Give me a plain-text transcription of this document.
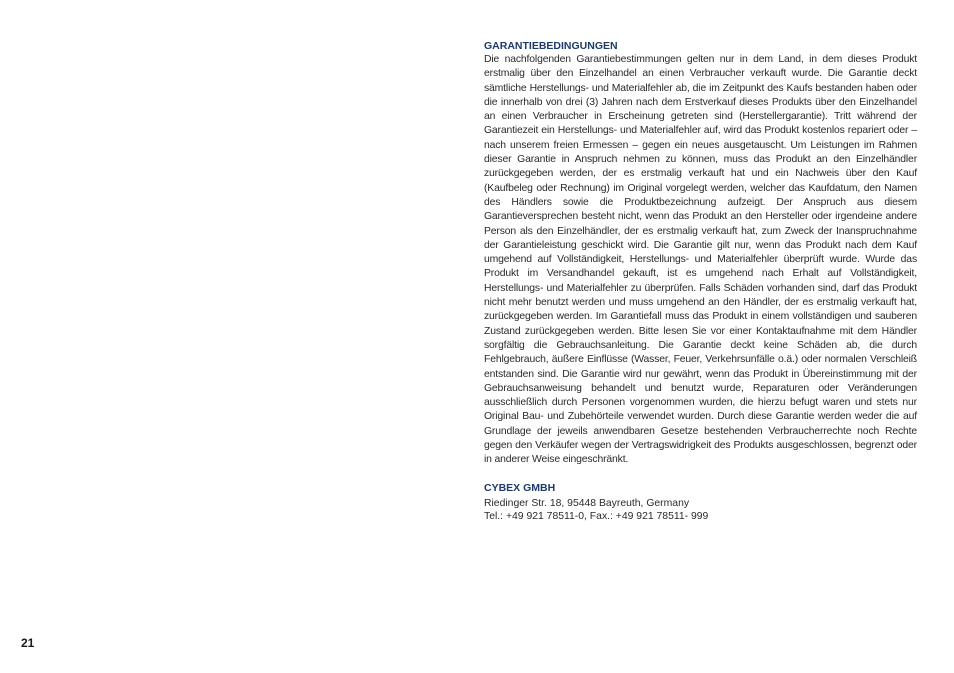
GARANTIEBEDINGUNGEN

Die nachfolgenden Garantiebestimmungen gelten nur in dem Land, in dem dieses Produkt erstmalig über den Einzelhandel an einen Verbraucher verkauft wurde. Die Garantie deckt sämtliche Herstellungs- und Materialfehler ab, die im Zeitpunkt des Kaufs bestanden haben oder die innerhalb von drei (3) Jahren nach dem Erstverkauf dieses Produkts über den Einzelhandel an einen Verbraucher in Erscheinung getreten sind (Herstellergarantie). Tritt während der Garantiezeit ein Herstellungs- und Materialfehler auf, wird das Produkt kostenlos repariert oder – nach unserem freien Ermessen – gegen ein neues ausgetauscht. Um Leistungen im Rahmen dieser Garantie in Anspruch nehmen zu können, muss das Produkt an den Einzelhändler zurückgegeben werden, der es erstmalig verkauft hat und ein Nachweis über den Kauf (Kaufbeleg oder Rechnung) im Original vorgelegt werden, welcher das Kaufdatum, den Namen des Händlers sowie die Produktbezeichnung aufzeigt. Der Anspruch aus diesem Garantieversprechen besteht nicht, wenn das Produkt an den Hersteller oder irgendeine andere Person als den Einzelhändler, der es erstmalig verkauft hat, zum Zweck der Inanspruchnahme der Garantieleistung geschickt wird. Die Garantie gilt nur, wenn das Produkt nach dem Kauf umgehend auf Vollständigkeit, Herstellungs- und Materialfehler überprüft wurde. Wurde das Produkt im Versandhandel gekauft, ist es umgehend nach Erhalt auf Vollständigkeit, Herstellungs- und Materialfehler zu überprüfen. Falls Schäden vorhanden sind, darf das Produkt nicht mehr benutzt werden und muss umgehend an den Händler, der es erstmalig verkauft hat, zurückgegeben werden. Im Garantiefall muss das Produkt in einem vollständigen und sauberen Zustand zurückgegeben werden. Bitte lesen Sie vor einer Kontaktaufnahme mit dem Händler sorgfältig die Gebrauchsanleitung. Die Garantie deckt keine Schäden ab, die durch Fehlgebrauch, äußere Einflüsse (Wasser, Feuer, Verkehrsunfälle o.ä.) oder normalen Verschleiß entstanden sind. Die Garantie wird nur gewährt, wenn das Produkt in Übereinstimmung mit der Gebrauchsanweisung behandelt und benutzt wurde, Reparaturen oder Veränderungen ausschließlich durch Personen vorgenommen wurden, die hierzu befugt waren und stets nur Original Bau- und Zubehörteile verwendet wurden. Durch diese Garantie werden weder die auf Grundlage der jeweils anwendbaren Gesetze bestehenden Verbraucherrechte noch Rechte gegen den Verkäufer wegen der Vertragswidrigkeit des Produkts ausgeschlossen, begrenzt oder in anderer Weise eingeschränkt.

CYBEX GMBH

Riedinger Str. 18, 95448 Bayreuth, Germany

Tel.: +49 921 78511-0, Fax.: +49 921 78511- 999

21
